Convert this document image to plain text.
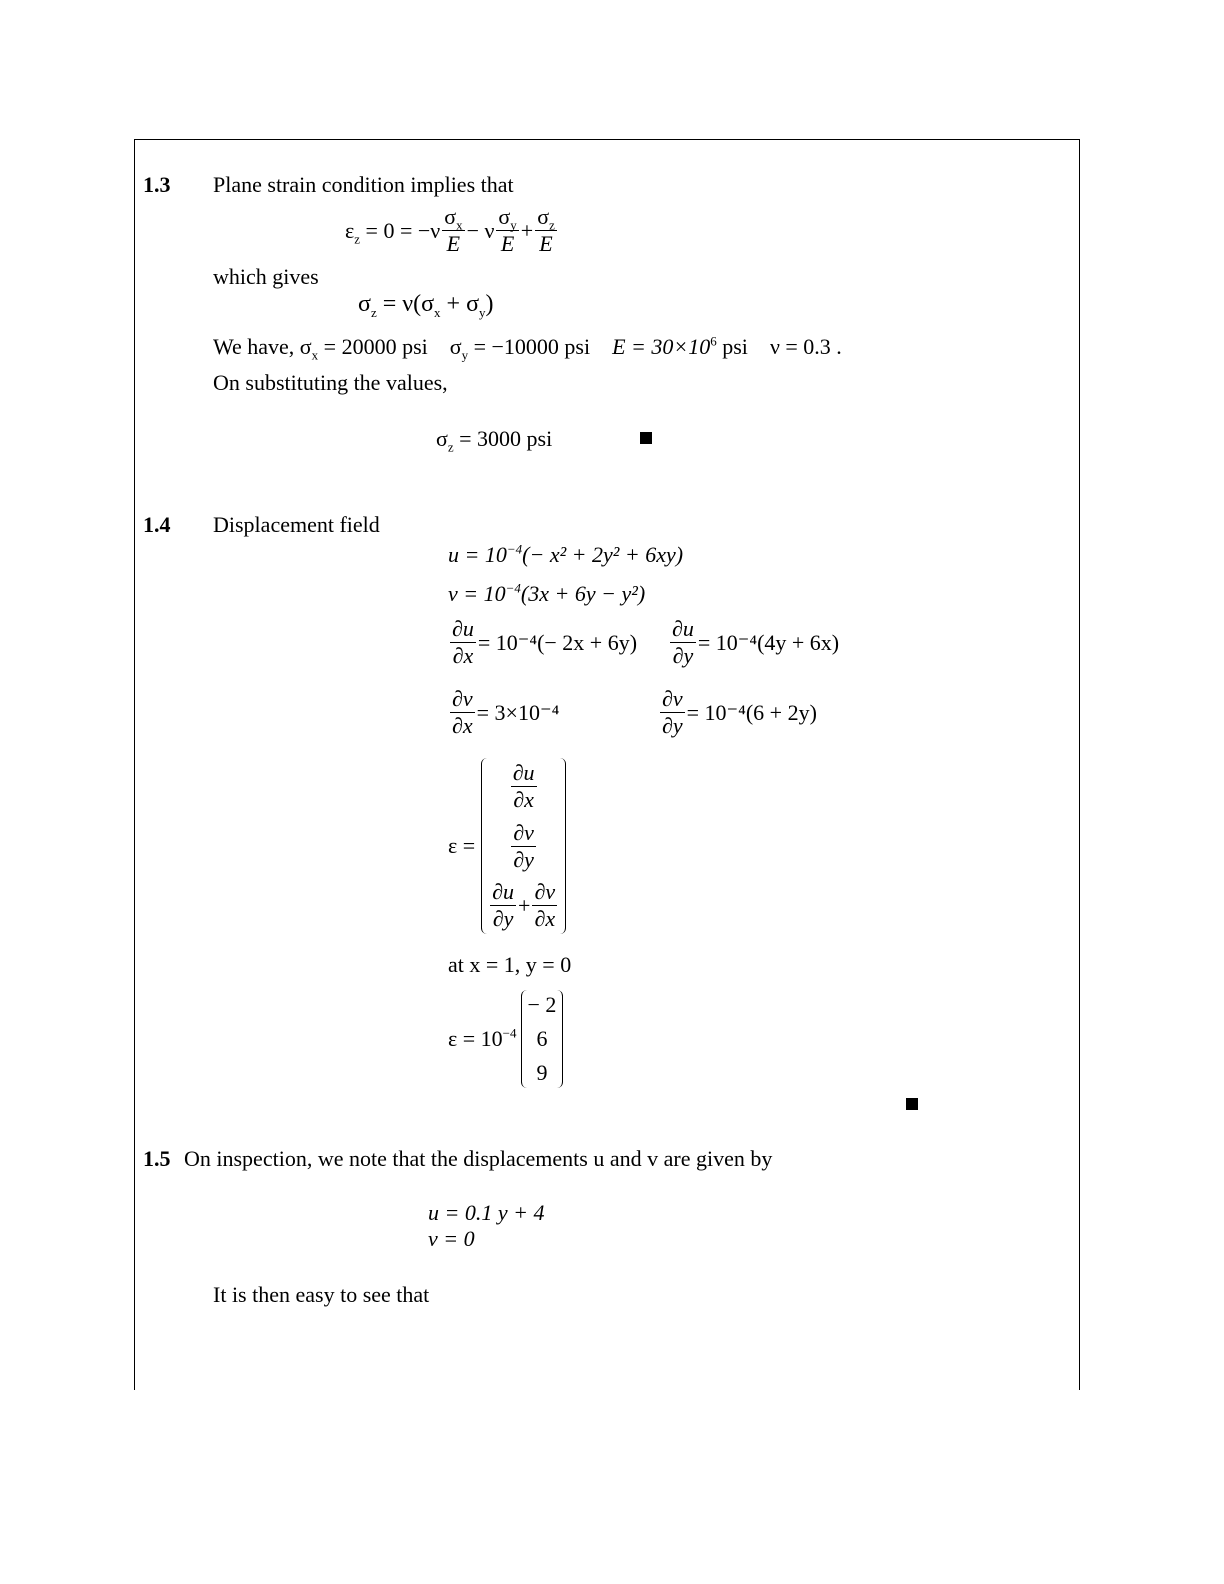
1.3 Plane strain condition implies that
$\varepsilon_z = 0 = -\nu \frac{\sigma_x}{E} - \nu \frac{\sigma_y}{E} + \frac{\sigma_z}{E}$
which gives
$\sigma_z = \nu(\sigma_x + \sigma_y)$
We have, $\sigma_x = 20000$ psi    $\sigma_y = -10000$ psi $E = 30\times 10^6$ psi ν = 0.3 .
On substituting the values,
$\sigma_z = 3000$ psi
1.4 Displacement field
$u = 10^{-4}(- x^2 + 2y^2 + 6xy)$
$v = 10^{-4}(3x + 6y - y^2)$
$\frac{\partial u}{\partial x} = 10^{-4}(- 2x + 6y) \frac{\partial u}{\partial y} = 10^{-4}(4y + 6x)$
$\frac{\partial v}{\partial x} = 3\times 10^{-4}$	$\frac{\partial v}{\partial y} = 10^{-4}(6 + 2y)$
ε =
$\frac{\partial u}{\partial x}$
$\frac{\partial v}{\partial y}$
$\frac{\partial u}{\partial y} + \frac{\partial v}{\partial x}$
at x = 1, y = 0
$\varepsilon = 10^{-4}$
− 2
6
9
1.5 On inspection, we note that the displacements u and v are given by
u = 0.1 y + 4
v = 0
It is then easy to see that
